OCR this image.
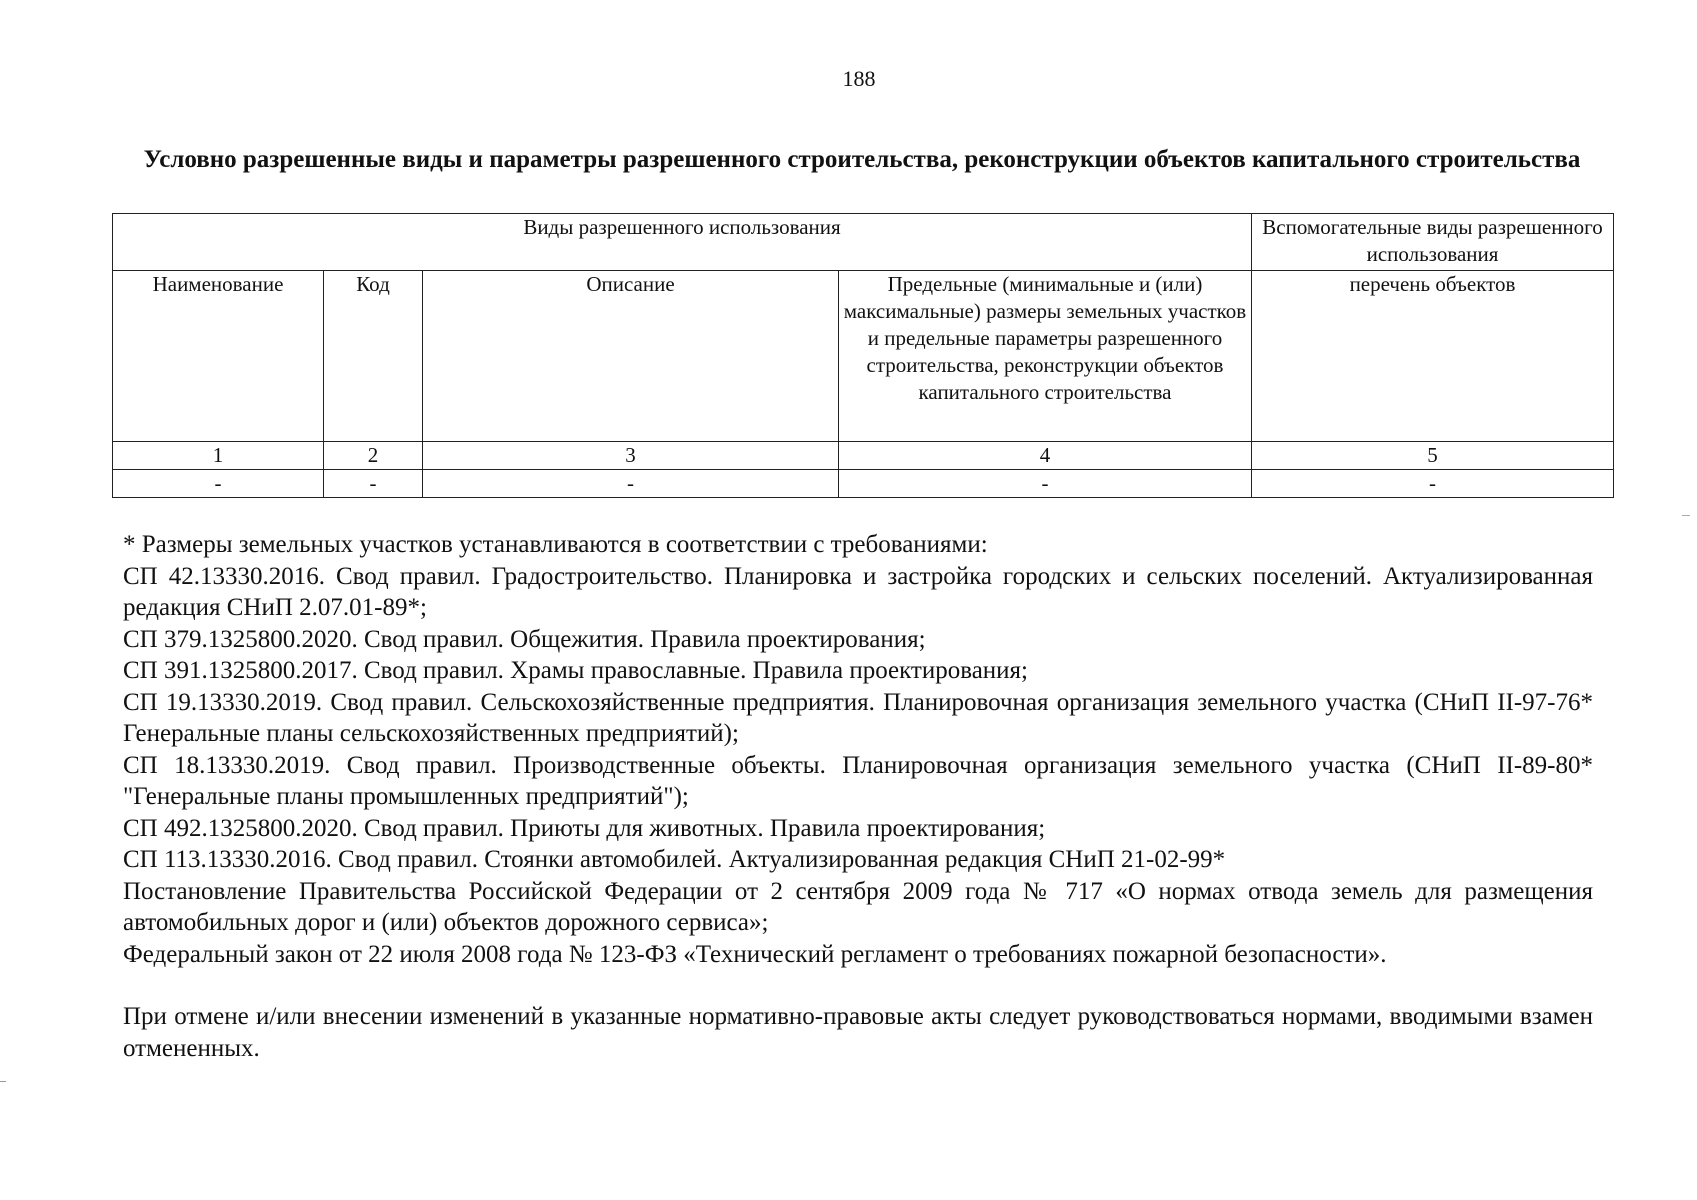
188
Условно разрешенные виды и параметры разрешенного строительства, реконструкции объектов капитального строительства
Виды разрешенного использования				Вспомогательные виды разрешенного использования
Наименование	Код	Описание	Предельные (минимальные и (или) максимальные) размеры земельных участков и предельные параметры разрешенного строительства, реконструкции объектов капитального строительства	перечень объектов
1	2	3	4	5
-	-	-	-	-

* Размеры земельных участков устанавливаются в соответствии с требованиями:

СП 42.13330.2016. Свод правил. Градостроительство. Планировка и застройка городских и сельских поселений. Актуализированная редакция СНиП 2.07.01-89*;

СП 379.1325800.2020. Свод правил. Общежития. Правила проектирования;

СП 391.1325800.2017. Свод правил. Храмы православные. Правила проектирования;

СП 19.13330.2019. Свод правил. Сельскохозяйственные предприятия. Планировочная организация земельного участка (СНиП II-97-76* Генеральные планы сельскохозяйственных предприятий);

СП 18.13330.2019. Свод правил. Производственные объекты. Планировочная организация земельного участка (СНиП II-89-80* "Генеральные планы промышленных предприятий");

СП 492.1325800.2020. Свод правил. Приюты для животных. Правила проектирования;

СП 113.13330.2016. Свод правил. Стоянки автомобилей. Актуализированная редакция СНиП 21-02-99*

Постановление Правительства Российской Федерации от 2 сентября 2009 года № 717 «О нормах отвода земель для размещения автомобильных дорог и (или) объектов дорожного сервиса»;

Федеральный закон от 22 июля 2008 года № 123-ФЗ «Технический регламент о требованиях пожарной безопасности».

При отмене и/или внесении изменений в указанные нормативно-правовые акты следует руководствоваться нормами, вводимыми взамен отмененных.
